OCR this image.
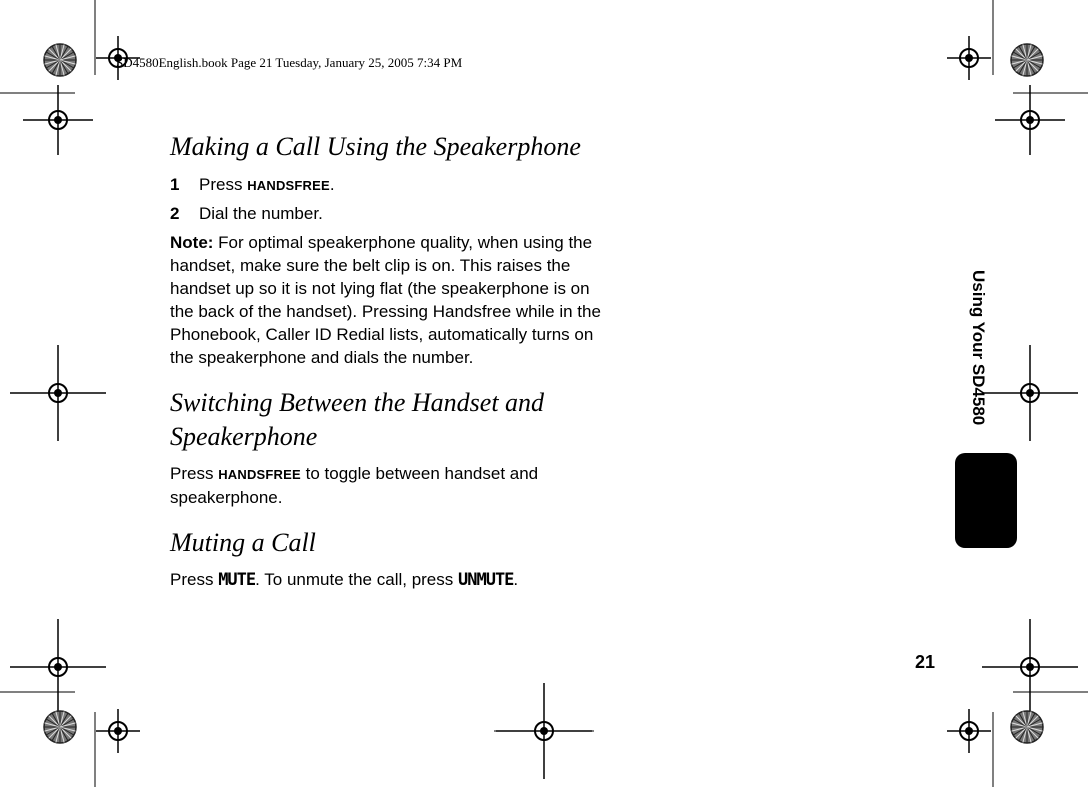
SD4580English.book Page 21 Tuesday, January 25, 2005 7:34 PM
Making a Call Using the Speakerphone
1 Press HANDSFREE.
2 Dial the number.
Note: For optimal speakerphone quality, when using the
handset, make sure the belt clip is on. This raises the
handset up so it is not lying flat (the speakerphone is on
the back of the handset). Pressing Handsfree while in the
Phonebook, Caller ID Redial lists, automatically turns on
the speakerphone and dials the number.
Switching Between the Handset and
Speakerphone
Press HANDSFREE to toggle between handset and
speakerphone.
Muting a Call
Press MUTE. To unmute the call, press UNMUTE.
Using Your SD4580
21
